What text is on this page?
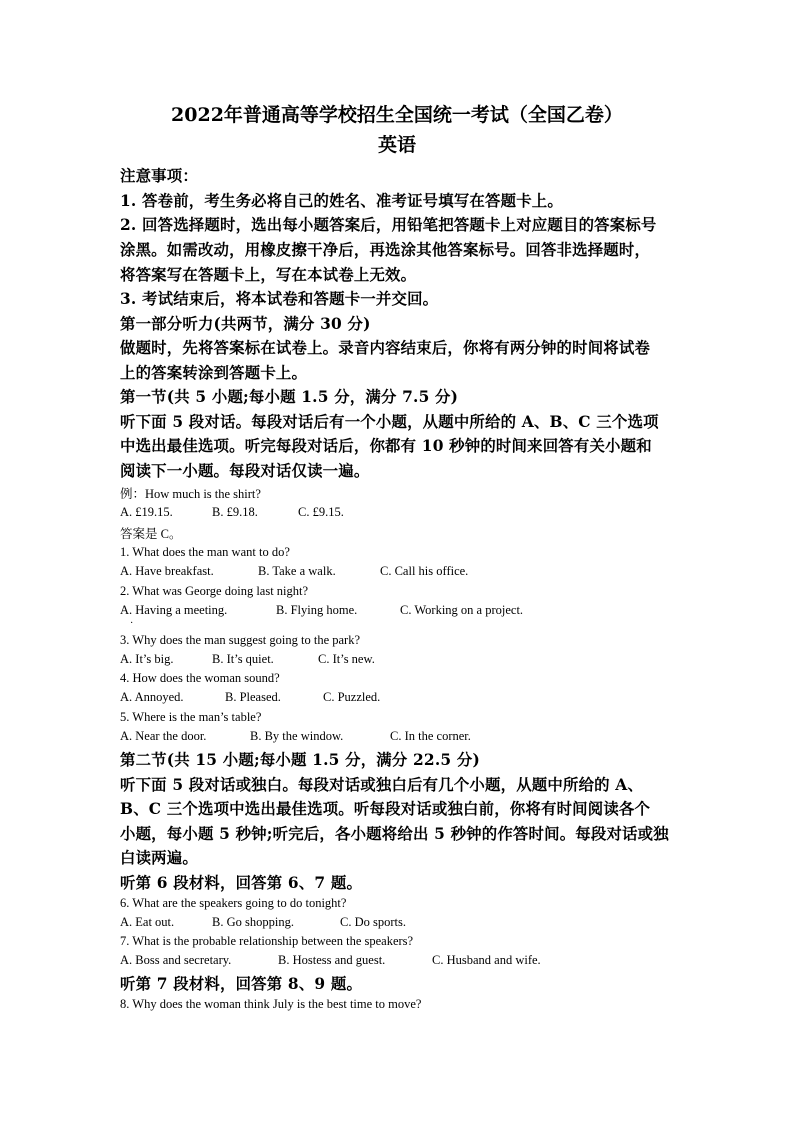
2022年普通高等学校招生全国统一考试（全国乙卷）
英语
注意事项：
1. 答卷前，考生务必将自己的姓名、准考证号填写在答题卡上。
2. 回答选择题时，选出每小题答案后，用铅笔把答题卡上对应题目的答案标号
涂黑。如需改动，用橡皮擦干净后，再选涂其他答案标号。回答非选择题时，
将答案写在答题卡上，写在本试卷上无效。
3. 考试结束后，将本试卷和答题卡一并交回。
第一部分听力(共两节，满分 30 分)
做题时，先将答案标在试卷上。录音内容结束后，你将有两分钟的时间将试卷
上的答案转涂到答题卡上。
第一节(共 5 小题;每小题 1.5 分，满分 7.5 分)
听下面 5 段对话。每段对话后有一个小题，从题中所给的 A、B、C 三个选项
中选出最佳选项。听完每段对话后，你都有 10 秒钟的时间来回答有关小题和
阅读下一小题。每段对话仅读一遍。
例：How much is the shirt?
A. £19.15.	B. £9.18.	C. £9.15.
答案是 C。
1. What does the man want to do?
A. Have breakfast.	B. Take a walk.	C. Call his office.
2. What was George doing last night?
A. Having a meeting.	B. Flying home.	C. Working on a project.
·
3. Why does the man suggest going to the park?
A. It’s big.	B. It’s quiet.	C. It’s new.
4. How does the woman sound?
A. Annoyed.	B. Pleased.	C. Puzzled.
5. Where is the man’s table?
A. Near the door.	B. By the window.	C. In the corner.
第二节(共 15 小题;每小题 1.5 分，满分 22.5 分)
听下面 5 段对话或独白。每段对话或独白后有几个小题，从题中所给的 A、
B、C 三个选项中选出最佳选项。听每段对话或独白前，你将有时间阅读各个
小题，每小题 5 秒钟;听完后，各小题将给出 5 秒钟的作答时间。每段对话或独
白读两遍。
听第 6 段材料，回答第 6、7 题。
6. What are the speakers going to do tonight?
A. Eat out.	B. Go shopping.	C. Do sports.
7. What is the probable relationship between the speakers?
A. Boss and secretary.	B. Hostess and guest.	C. Husband and wife.
听第 7 段材料，回答第 8、9 题。
8. Why does the woman think July is the best time to move?
